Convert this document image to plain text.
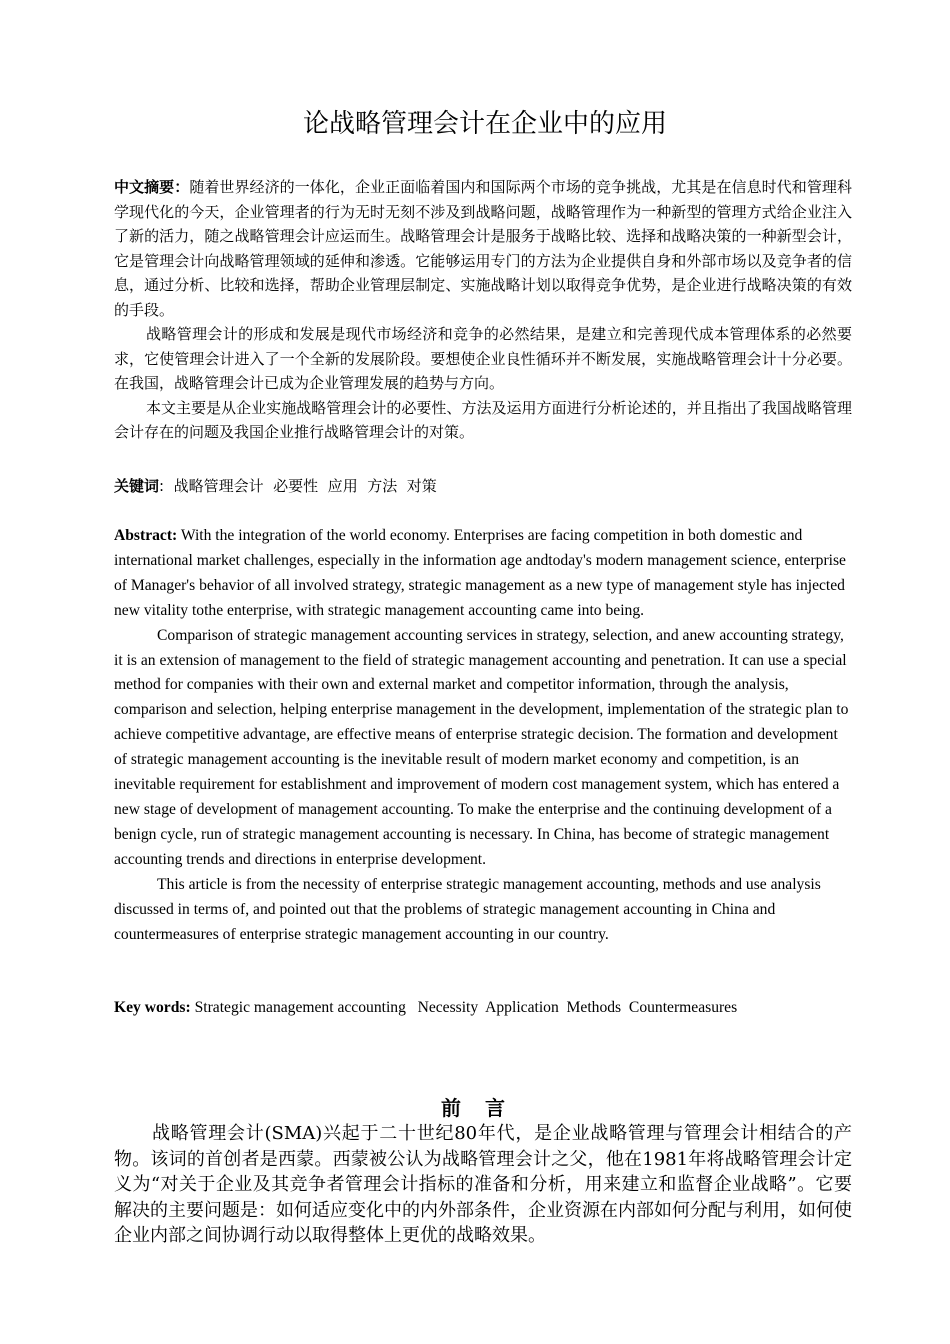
论战略管理会计在企业中的应用

中文摘要：随着世界经济的一体化，企业正面临着国内和国际两个市场的竞争挑战，尤其是在信息时代和管理科学现代化的今天，企业管理者的行为无时无刻不涉及到战略问题，战略管理作为一种新型的管理方式给企业注入了新的活力，随之战略管理会计应运而生。战略管理会计是服务于战略比较、选择和战略决策的一种新型会计，它是管理会计向战略管理领域的延伸和渗透。它能够运用专门的方法为企业提供自身和外部市场以及竞争者的信息，通过分析、比较和选择，帮助企业管理层制定、实施战略计划以取得竞争优势，是企业进行战略决策的有效的手段。

战略管理会计的形成和发展是现代市场经济和竞争的必然结果，是建立和完善现代成本管理体系的必然要求，它使管理会计进入了一个全新的发展阶段。要想使企业良性循环并不断发展，实施战略管理会计十分必要。在我国，战略管理会计已成为企业管理发展的趋势与方向。

本文主要是从企业实施战略管理会计的必要性、方法及运用方面进行分析论述的，并且指出了我国战略管理会计存在的问题及我国企业推行战略管理会计的对策。

关键词:  战略管理会计  必要性  应用  方法  对策

Abstract: With the integration of the world economy. Enterprises are facing competition in both domestic and international market challenges, especially in the information age andtoday's modern management science, enterprise of Manager's behavior of all involved strategy, strategic management as a new type of management style has injected new vitality tothe enterprise, with strategic management accounting came into being.

Comparison of strategic management accounting services in strategy, selection, and anew accounting strategy, it is an extension of management to the field of strategic management accounting and penetration. It can use a special method for companies with their own and external market and competitor information, through the analysis, comparison and selection, helping enterprise management in the development, implementation of the strategic plan to achieve competitive advantage, are effective means of enterprise strategic decision. The formation and development of strategic management accounting is the inevitable result of modern market economy and competition, is an inevitable requirement for establishment and improvement of modern cost management system, which has entered a new stage of development of management accounting. To make the enterprise and the continuing development of a benign cycle, run of strategic management accounting is necessary. In China, has become of strategic management accounting trends and directions in enterprise development.

This article is from the necessity of enterprise strategic management accounting, methods and use analysis discussed in terms of, and pointed out that the problems of strategic management accounting in China and countermeasures of enterprise strategic management accounting in our country.

Key words: Strategic management accounting   Necessity  Application  Methods  Countermeasures
前言

战略管理会计(SMA)兴起于二十世纪80年代，是企业战略管理与管理会计相结合的产物。该词的首创者是西蒙。西蒙被公认为战略管理会计之父，他在1981年将战略管理会计定义为“对关于企业及其竞争者管理会计指标的准备和分析，用来建立和监督企业战略”。它要解决的主要问题是：如何适应变化中的内外部条件，企业资源在内部如何分配与利用，如何使企业内部之间协调行动以取得整体上更优的战略效果。
